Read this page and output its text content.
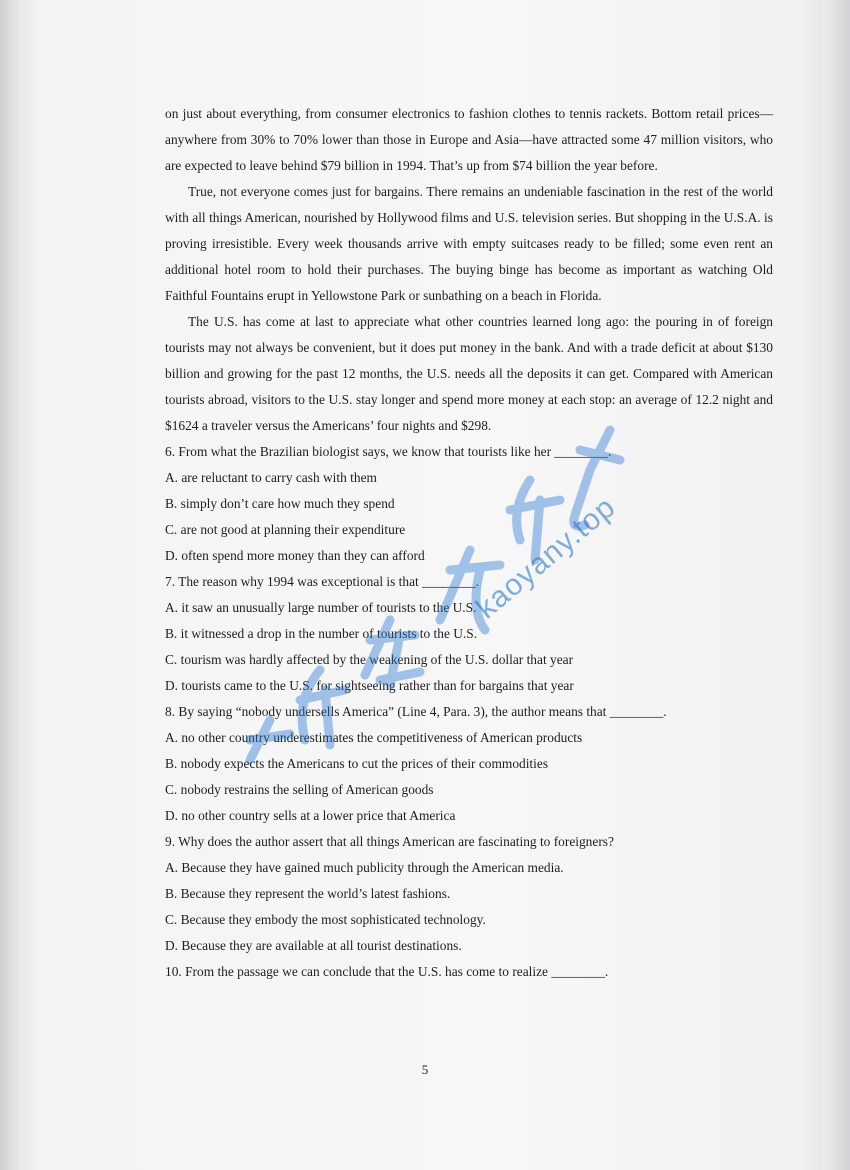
on just about everything, from consumer electronics to fashion clothes to tennis rackets. Bottom retail prices—anywhere from 30% to 70% lower than those in Europe and Asia—have attracted some 47 million visitors, who are expected to leave behind $79 billion in 1994. That’s up from $74 billion the year before.

True, not everyone comes just for bargains. There remains an undeniable fascination in the rest of the world with all things American, nourished by Hollywood films and U.S. television series. But shopping in the U.S.A. is proving irresistible. Every week thousands arrive with empty suitcases ready to be filled; some even rent an additional hotel room to hold their purchases. The buying binge has become as important as watching Old Faithful Fountains erupt in Yellowstone Park or sunbathing on a beach in Florida.

The U.S. has come at last to appreciate what other countries learned long ago: the pouring in of foreign tourists may not always be convenient, but it does put money in the bank. And with a trade deficit at about $130 billion and growing for the past 12 months, the U.S. needs all the deposits it can get. Compared with American tourists abroad, visitors to the U.S. stay longer and spend more money at each stop: an average of 12.2 night and $1624 a traveler versus the Americans’ four nights and $298.

6. From what the Brazilian biologist says, we know that tourists like her ________.

A. are reluctant to carry cash with them

B. simply don’t care how much they spend

C. are not good at planning their expenditure

D. often spend more money than they can afford

7. The reason why 1994 was exceptional is that ________.

A. it saw an unusually large number of tourists to the U.S.

B. it witnessed a drop in the number of tourists to the U.S.

C. tourism was hardly affected by the weakening of the U.S. dollar that year

D. tourists came to the U.S. for sightseeing rather than for bargains that year

8. By saying “nobody undersells America” (Line 4, Para. 3), the author means that ________.

A. no other country underestimates the competitiveness of American products

B. nobody expects the Americans to cut the prices of their commodities

C. nobody restrains the selling of American goods

D. no other country sells at a lower price that America

9. Why does the author assert that all things American are fascinating to foreigners?

A. Because they have gained much publicity through the American media.

B. Because they represent the world’s latest fashions.

C. Because they embody the most sophisticated technology.

D. Because they are available at all tourist destinations.

10. From the passage we can conclude that the U.S. has come to realize ________.

5
kaoyany.top
